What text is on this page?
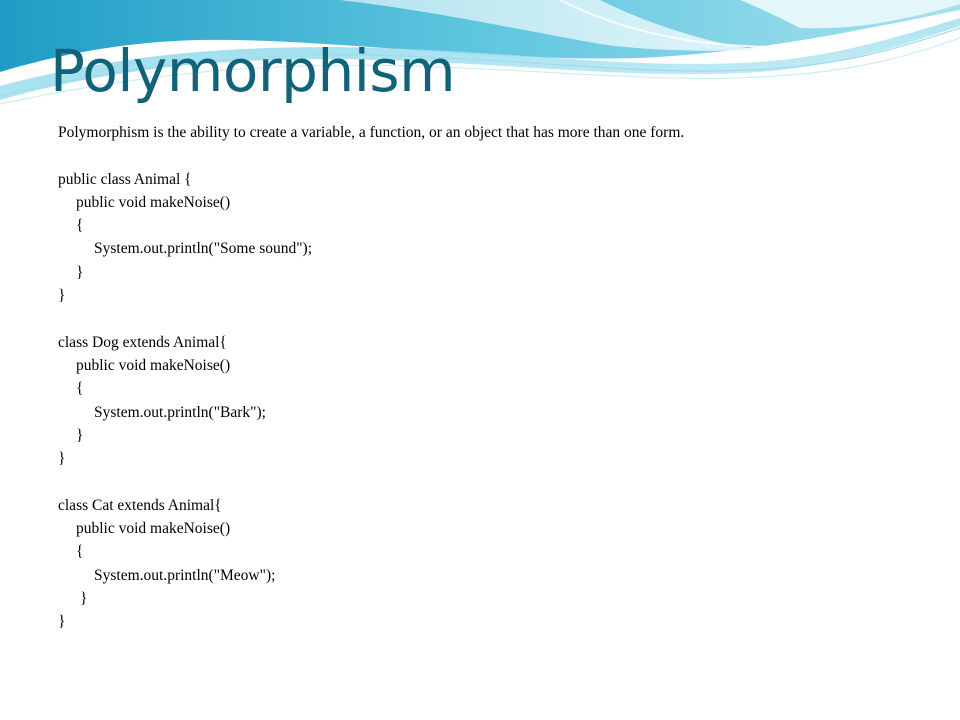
Polymorphism
Polymorphism is the ability to create a variable, a function, or an object that has more than one form.
public class Animal {
public void makeNoise()
{
System.out.println("Some sound");
}
}
class Dog extends Animal{
public void makeNoise()
{
System.out.println("Bark");
}
}
class Cat extends Animal{
public void makeNoise()
{
System.out.println("Meow");
}
}
